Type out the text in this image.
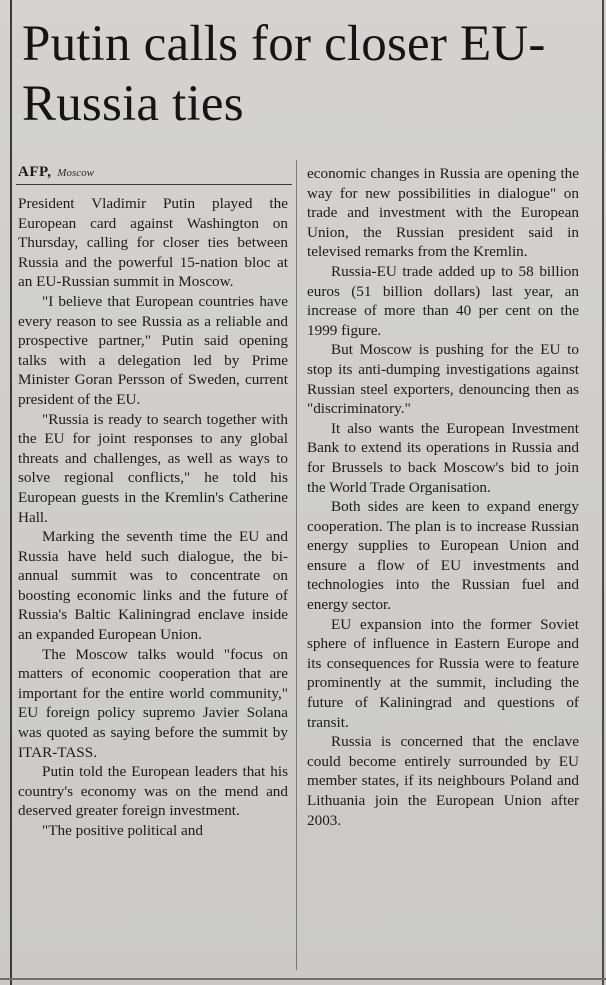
Putin calls for closer EU-Russia ties
AFP, Moscow

President Vladimir Putin played the European card against Washington on Thursday, calling for closer ties between Russia and the powerful 15-nation bloc at an EU-Russian summit in Moscow.

"I believe that European countries have every reason to see Russia as a reliable and prospective partner," Putin said opening talks with a delegation led by Prime Minister Goran Persson of Sweden, current president of the EU.

"Russia is ready to search together with the EU for joint responses to any global threats and challenges, as well as ways to solve regional conflicts," he told his European guests in the Kremlin's Catherine Hall.

Marking the seventh time the EU and Russia have held such dialogue, the bi-annual summit was to concentrate on boosting economic links and the future of Russia's Baltic Kaliningrad enclave inside an expanded European Union.

The Moscow talks would "focus on matters of economic cooperation that are important for the entire world community," EU foreign policy supremo Javier Solana was quoted as saying before the summit by ITAR-TASS.

Putin told the European leaders that his country's economy was on the mend and deserved greater foreign investment.

"The positive political and

economic changes in Russia are opening the way for new possibilities in dialogue" on trade and investment with the European Union, the Russian president said in televised remarks from the Kremlin.

Russia-EU trade added up to 58 billion euros (51 billion dollars) last year, an increase of more than 40 per cent on the 1999 figure.

But Moscow is pushing for the EU to stop its anti-dumping investigations against Russian steel exporters, denouncing then as "discriminatory."

It also wants the European Investment Bank to extend its operations in Russia and for Brussels to back Moscow's bid to join the World Trade Organisation.

Both sides are keen to expand energy cooperation. The plan is to increase Russian energy supplies to European Union and ensure a flow of EU investments and technologies into the Russian fuel and energy sector.

EU expansion into the former Soviet sphere of influence in Eastern Europe and its consequences for Russia were to feature prominently at the summit, including the future of Kaliningrad and questions of transit.

Russia is concerned that the enclave could become entirely surrounded by EU member states, if its neighbours Poland and Lithuania join the European Union after 2003.
